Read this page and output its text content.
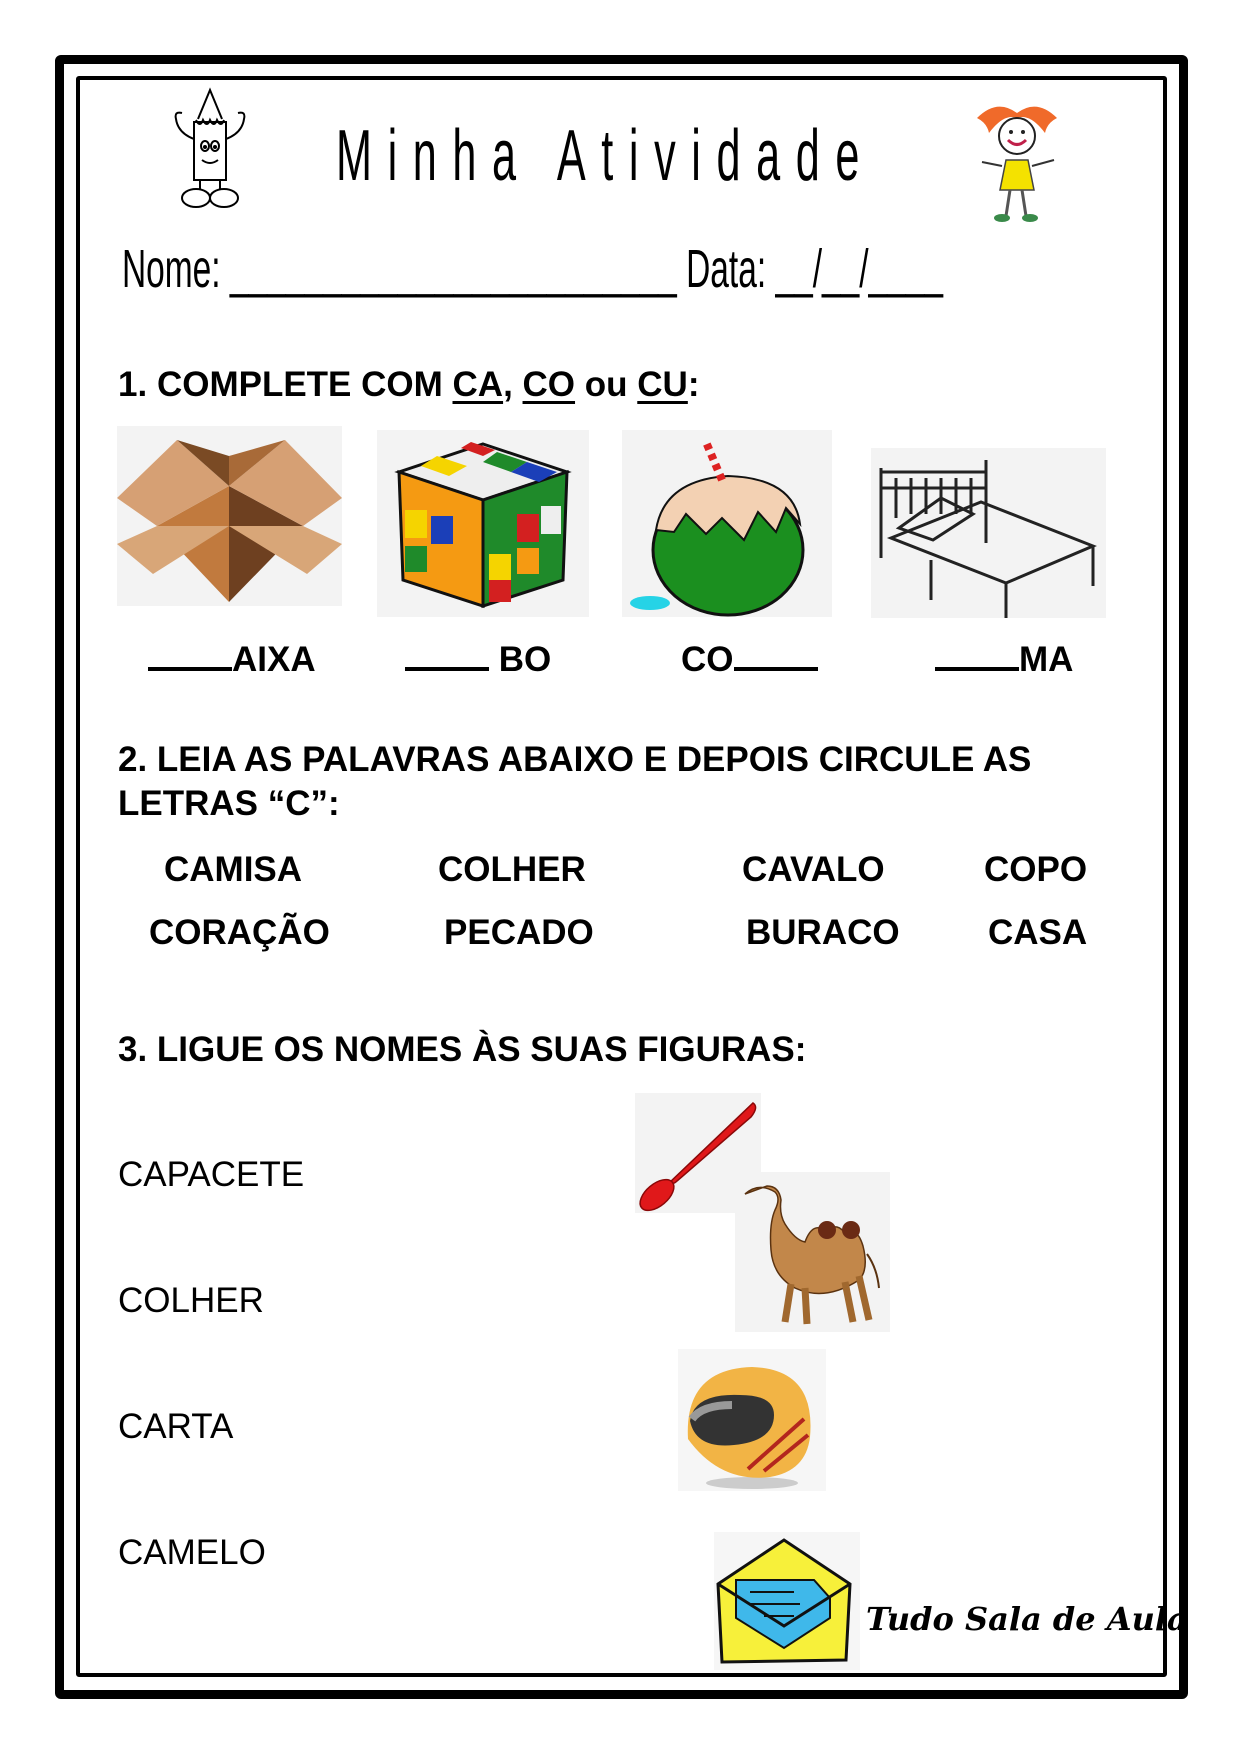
Minha Atividade
Nome: ________________________ Data: __/__/____
1. COMPLETE COM CA, CO ou CU:
AIXA	BO	CO	MA
2. LEIA AS PALAVRAS ABAIXO E DEPOIS CIRCULE AS
LETRAS “C”:
CAMISA	COLHER	CAVALO	COPO
CORAÇÃO	PECADO	BURACO	CASA
3. LIGUE OS NOMES ÀS SUAS FIGURAS:
CAPACETE
COLHER
CARTA
CAMELO
Tudo Sala de Aula
